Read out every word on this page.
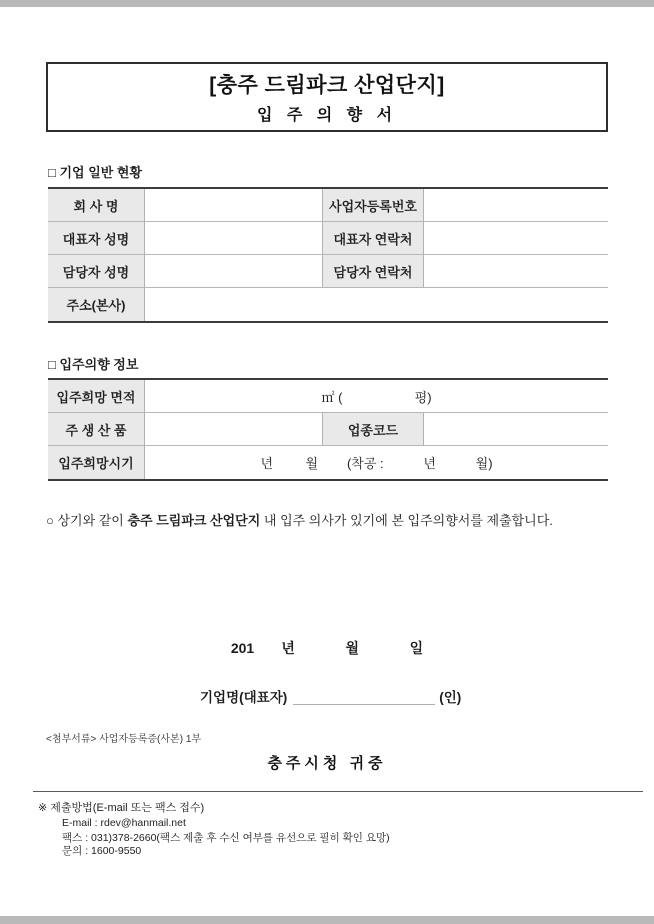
[충주 드림파크 산업단지]
입 주 의 향 서
□ 기업 일반 현황
회 사 명	사업자등록번호
대표자 성명	대표자 연락처
담당자 성명	담당자 연락처
주소(본사)
□ 입주의향 정보
입주희망 면적	㎡ (                    평)
주 생 산 품	업종코드
입주희망시기	년         월        (착공 :           년           월)
○ 상기와 같이 충주 드림파크 산업단지 내 입주 의사가 있기에 본 입주의향서를 제출합니다.
201       년             월             일
기업명(대표자)	(인)
<첨부서류> 사업자등록증(사본) 1부
충주시청 귀중
※ 제출방법(E-mail 또는 팩스 접수)
E-mail : rdev@hanmail.net
팩스 : 031)378-2660(팩스 제출 후 수신 여부를 유선으로 필히 확인 요망)
문의 : 1600-9550
